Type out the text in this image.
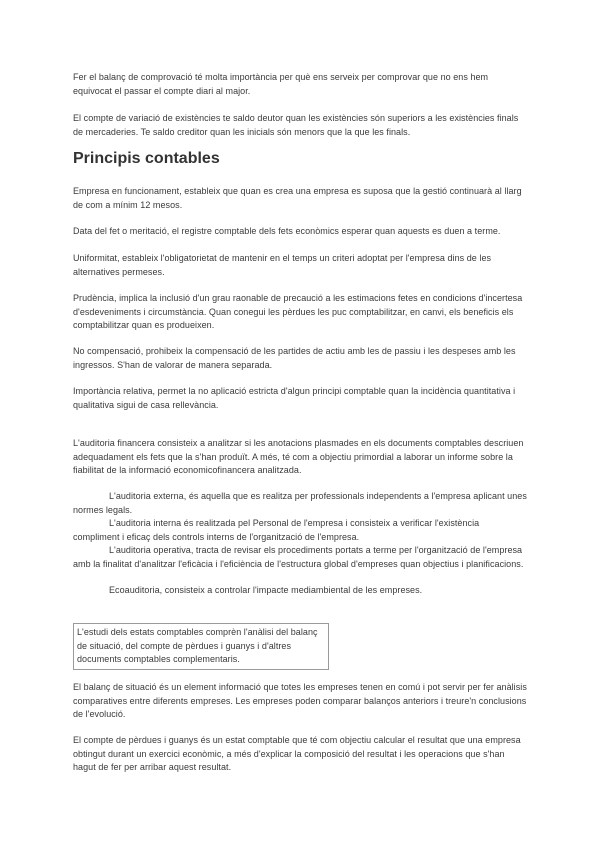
Fer el balanç de comprovació té molta importància per què ens serveix per comprovar que no ens hem equivocat el passar el compte diari al major.

El compte de variació de existències te saldo deutor quan les existències són superiors a les existències finals de mercaderies. Te saldo creditor quan les inicials són menors que la que les finals.

Principis contables

Empresa en funcionament, estableix que quan es crea una empresa es suposa que la gestió continuarà al llarg de com a mínim 12 mesos.

Data del fet o meritació, el registre comptable dels fets econòmics esperar quan aquests es duen a terme.

Uniformitat, estableix l'obligatorietat de mantenir en el temps un criteri adoptat per l'empresa dins de les alternatives permeses.

Prudència, implica la inclusió d'un grau raonable de precaució a les estimacions fetes en condicions d'incertesa d'esdeveniments i circumstància. Quan conegui les pèrdues les puc comptabilitzar, en canvi, els beneficis els comptabilitzar quan es produeixen.

No compensació, prohibeix la compensació de les partides de actiu amb les de passiu i les despeses amb les ingressos. S'han de valorar de manera separada.

Importància relativa, permet la no aplicació estricta d'algun principi comptable quan la incidència quantitativa i qualitativa sigui de casa rellevància.

L'auditoria financera consisteix a analitzar si les anotacions plasmades en els documents comptables descriuen adequadament els fets que la s'han produït. A més, té com a objectiu primordial a laborar un informe sobre la fiabilitat de la informació economicofinancera analitzada.

L'auditoria externa, és aquella que es realitza per professionals independents a l'empresa aplicant unes normes legals.

L'auditoria interna és realitzada pel Personal de l'empresa i consisteix a verificar l'existència compliment i eficaç dels controls interns de l'organització de l'empresa.

L'auditoria operativa, tracta de revisar els procediments portats a terme per l'organització de l'empresa amb la finalitat d'analitzar l'eficàcia i l'eficiència de l'estructura global d'empreses quan objectius i planificacions.

Ecoauditoria, consisteix a controlar l'impacte mediambiental de les empreses.

L'estudi dels estats comptables comprèn l'anàlisi del balanç de situació, del compte de pèrdues i guanys i d'altres documents comptables complementaris.

El balanç de situació és un element informació que totes les empreses tenen en comú i pot servir per fer anàlisis comparatives entre diferents empreses. Les empreses poden comparar balanços anteriors i treure'n conclusions de l'evolució.

El compte de pèrdues i guanys és un estat comptable que té com objectiu calcular el resultat que una empresa obtingut durant un exercici econòmic, a més d'explicar la composició del resultat i les operacions que s'han hagut de fer per arribar aquest resultat.
